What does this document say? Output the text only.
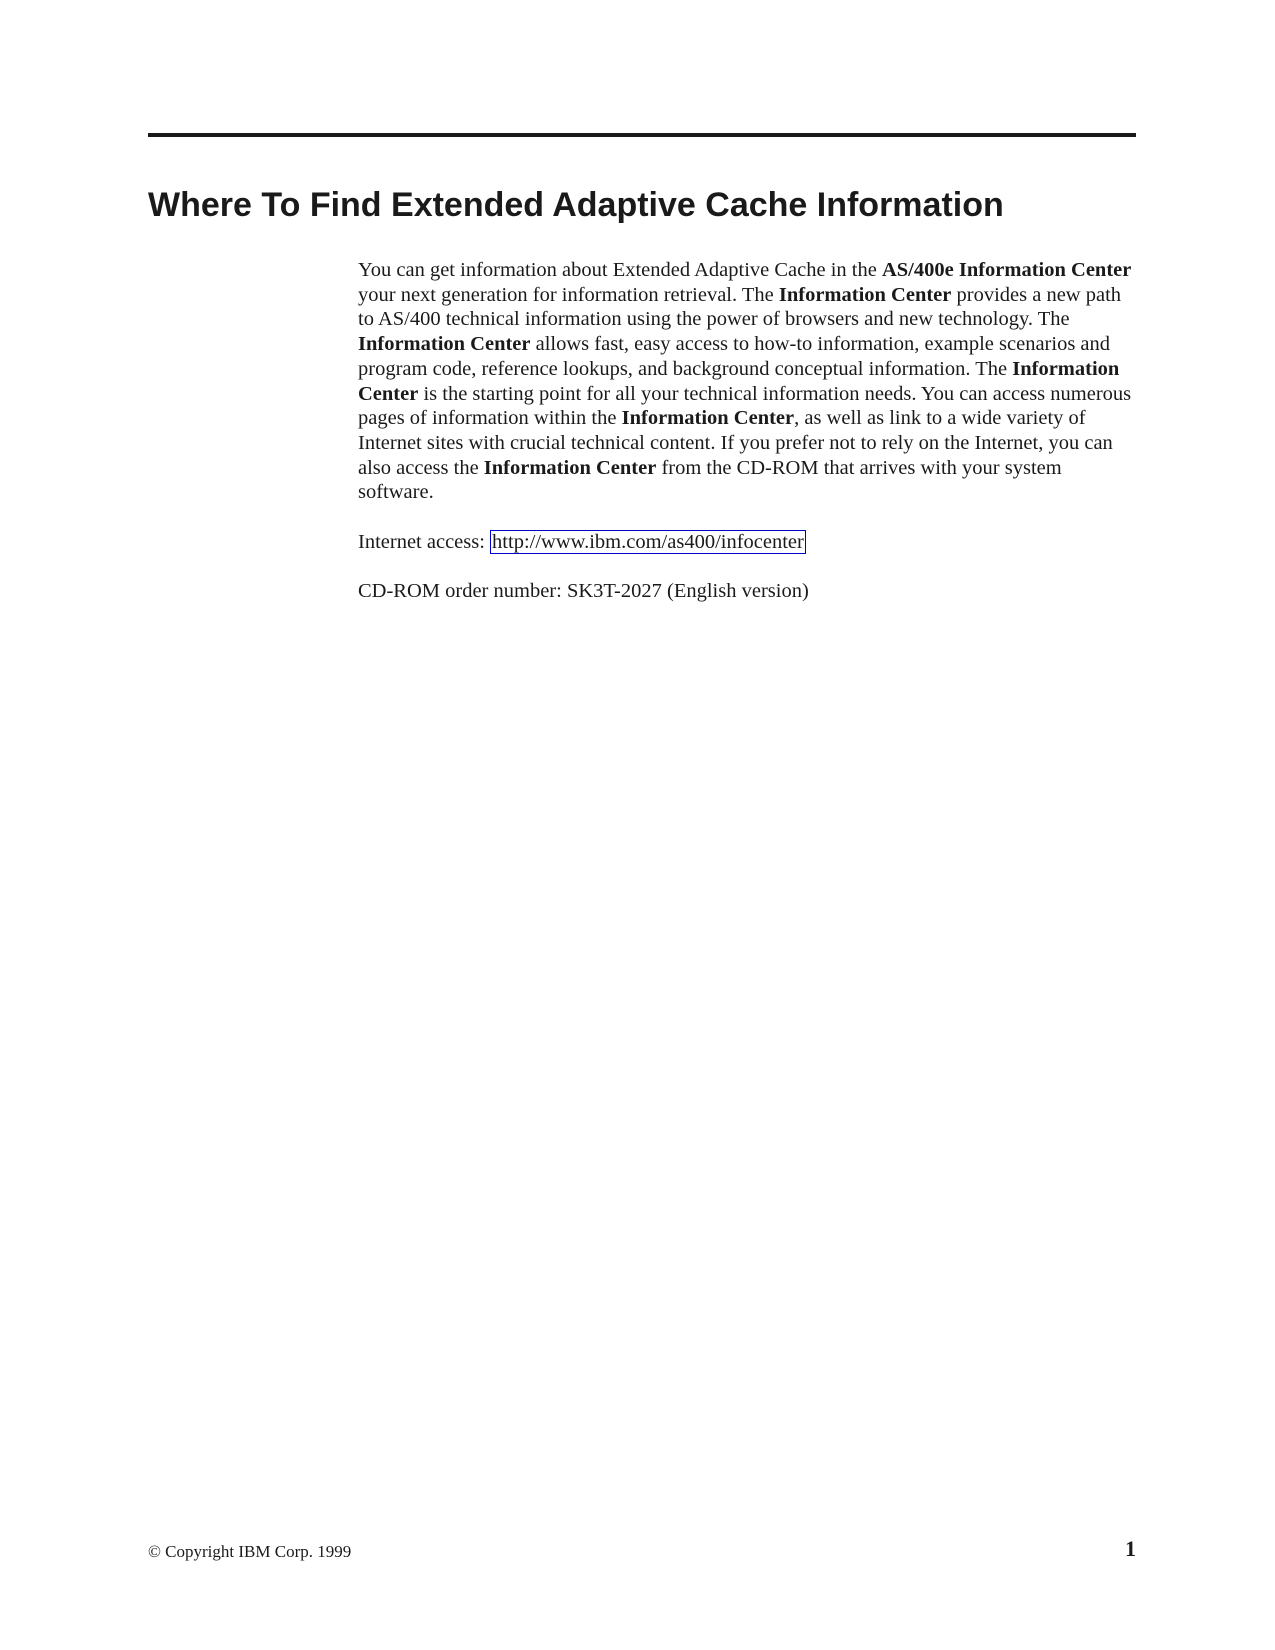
Where To Find Extended Adaptive Cache Information

You can get information about Extended Adaptive Cache in the AS/400e Information Center your next generation for information retrieval. The Information Center provides a new path to AS/400 technical information using the power of browsers and new technology. The Information Center allows fast, easy access to how-to information, example scenarios and program code, reference lookups, and background conceptual information. The Information Center is the starting point for all your technical information needs. You can access numerous pages of information within the Information Center, as well as link to a wide variety of Internet sites with crucial technical content. If you prefer not to rely on the Internet, you can also access the Information Center from the CD-ROM that arrives with your system software.

Internet access: http://www.ibm.com/as400/infocenter

CD-ROM order number: SK3T-2027 (English version)

© Copyright IBM Corp. 1999	1
